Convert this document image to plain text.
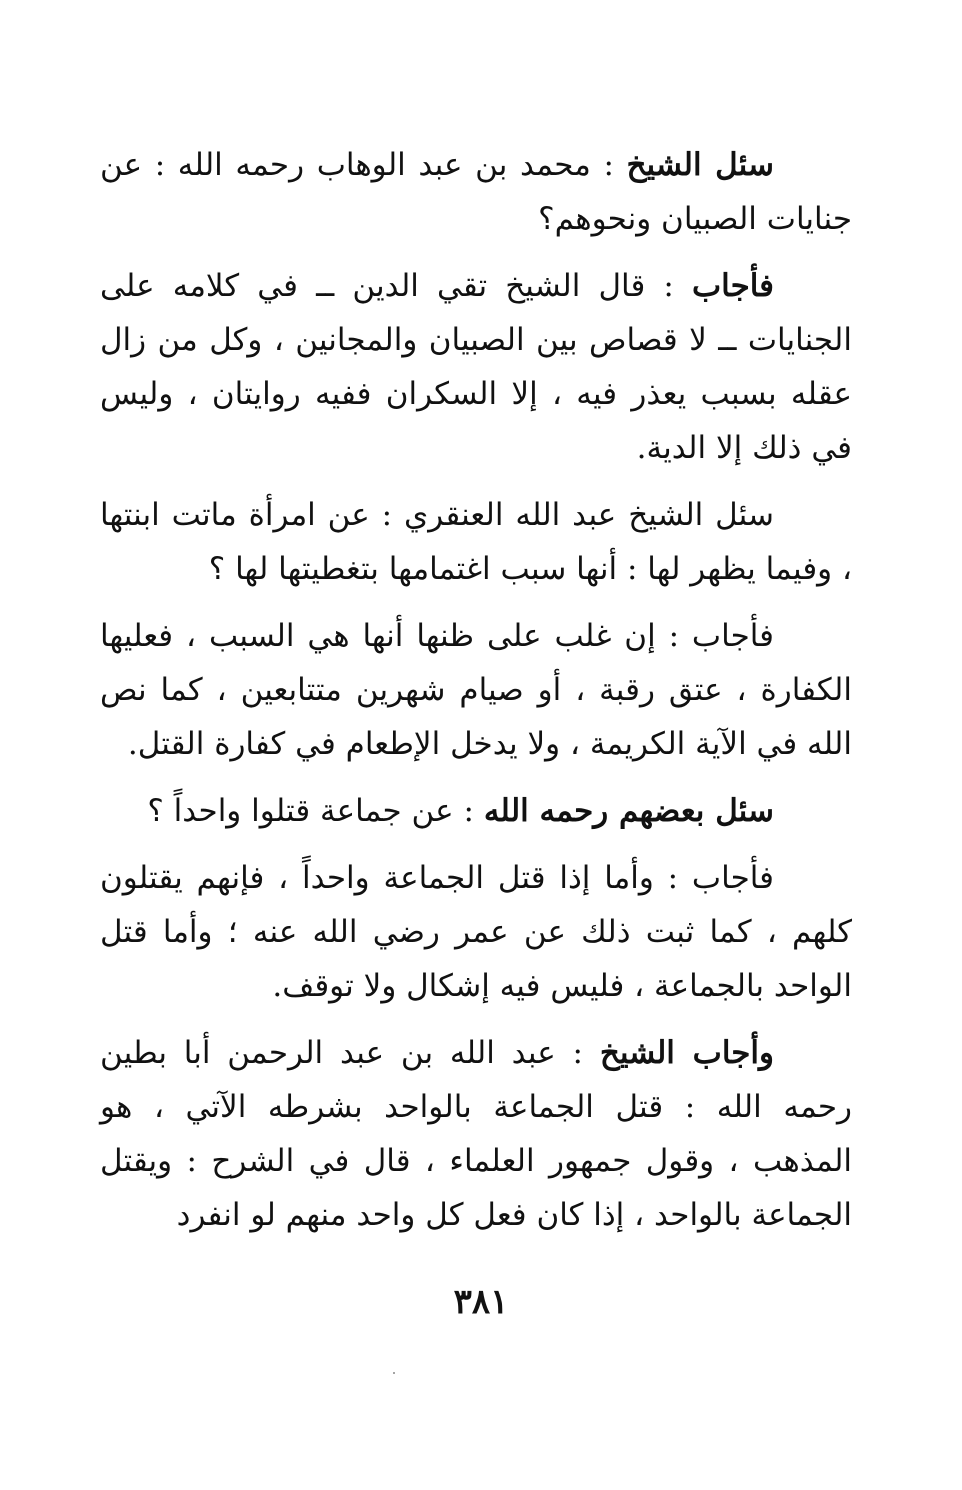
سئل الشيخ : محمد بن عبد الوهاب رحمه الله : عن جنايات الصبيان ونحوهم؟

فأجاب : قال الشيخ تقي الدين ــ في كلامه على الجنايات ــ لا قصاص بين الصبيان والمجانين ، وكل من زال عقله بسبب يعذر فيه ، إلا السكران ففيه روايتان ، وليس في ذلك إلا الدية.

سئل الشيخ عبد الله العنقري : عن امرأة ماتت ابنتها ، وفيما يظهر لها : أنها سبب اغتمامها بتغطيتها لها ؟

فأجاب : إن غلب على ظنها أنها هي السبب ، فعليها الكفارة ، عتق رقبة ، أو صيام شهرين متتابعين ، كما نص الله في الآية الكريمة ، ولا يدخل الإطعام في كفارة القتل.

سئل بعضهم رحمه الله : عن جماعة قتلوا واحداً ؟

فأجاب : وأما إذا قتل الجماعة واحداً ، فإنهم يقتلون كلهم ، كما ثبت ذلك عن عمر رضي الله عنه ؛ وأما قتل الواحد بالجماعة ، فليس فيه إشكال ولا توقف.

وأجاب الشيخ : عبد الله بن عبد الرحمن أبا بطين رحمه الله : قتل الجماعة بالواحد بشرطه الآتي ، هو المذهب ، وقول جمهور العلماء ، قال في الشرح : ويقتل الجماعة بالواحد ، إذا كان فعل كل واحد منهم لو انفرد

٣٨١
